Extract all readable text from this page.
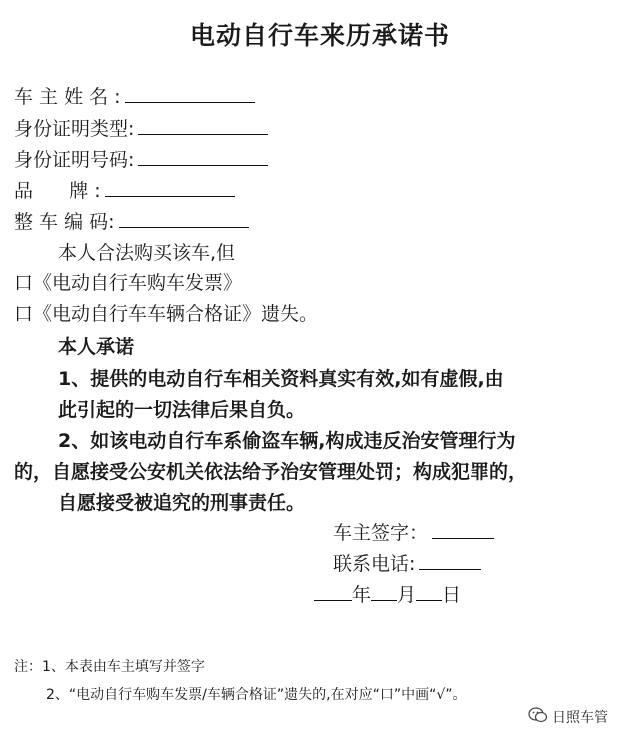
电动自行车来历承诺书
车 主 姓 名 :
身份证明类型:
身份证明号码:
品      牌 :
整 车 编 码:
本人合法购买该车,但
口《电动自行车购车发票》
口《电动自行车车辆合格证》遗失。
本人承诺
1、提供的电动自行车相关资料真实有效,如有虚假,由
此引起的一切法律后果自负。
2、如该电动自行车系偷盗车辆,构成违反治安管理行为
的，自愿接受公安机关依法给予治安管理处罚；构成犯罪的，
自愿接受被追究的刑事责任。
车主签字：
联系电话:
年 月 日
注：1、本表由车主填写并签字
2、“电动自行车购车发票/车辆合格证”遗失的,在对应“口”中画“√”。
日照车管
